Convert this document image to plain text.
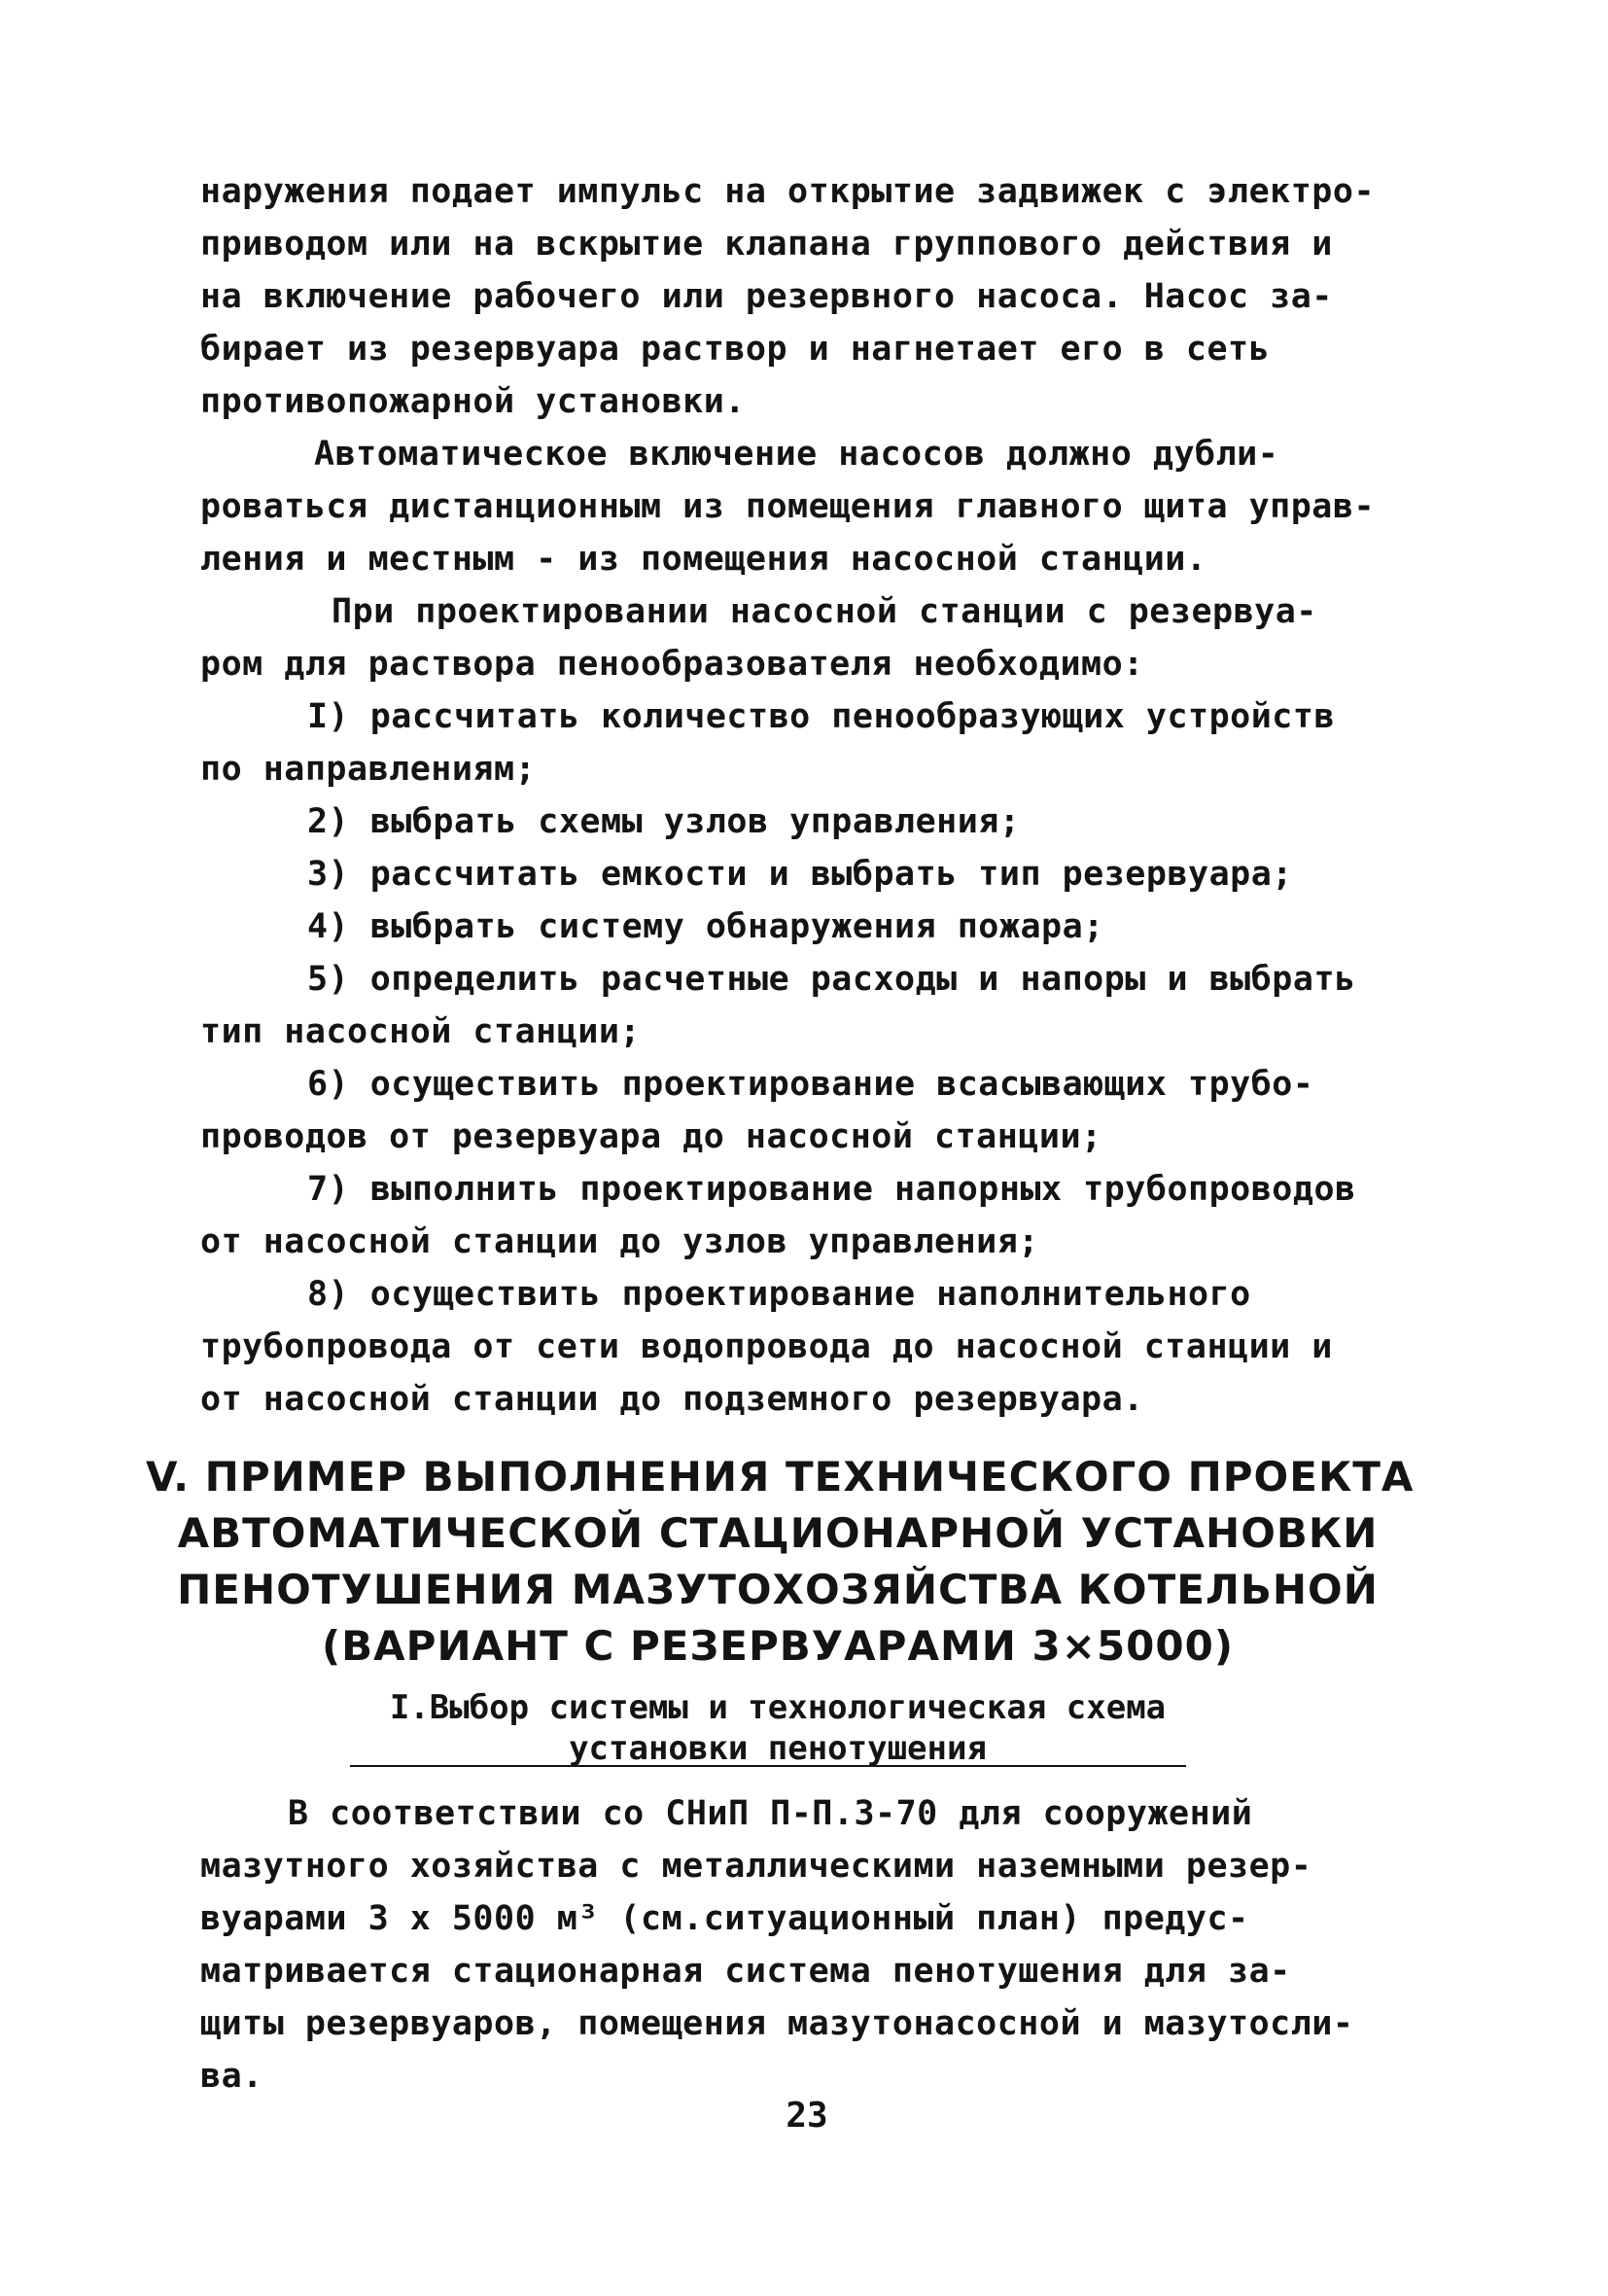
наружения подает импульс на открытие задвижек с электро-
приводом или на вскрытие клапана группового действия и
на включение рабочего или резервного насоса. Насос за-
бирает из резервуара раствор и нагнетает его в сеть
противопожарной установки.
Автоматическое включение насосов должно дубли-
роваться дистанционным из помещения главного щита управ-
ления и местным - из помещения насосной станции.
При проектировании насосной станции с резервуа-
ром для раствора пенообразователя необходимо:
I) рассчитать количество пенообразующих устройств
по направлениям;
2) выбрать схемы узлов управления;
3) рассчитать емкости и выбрать тип резервуара;
4) выбрать систему обнаружения пожара;
5) определить расчетные расходы и напоры и выбрать
тип насосной станции;
6) осуществить проектирование всасывающих трубо-
проводов от резервуара до насосной станции;
7) выполнить проектирование напорных трубопроводов
от насосной станции до узлов управления;
8) осуществить проектирование наполнительного
трубопровода от сети водопровода до насосной станции и
от насосной станции до подземного резервуара.
V. ПРИМЕР ВЫПОЛНЕНИЯ ТЕХНИЧЕСКОГО ПРОЕКТА
АВТОМАТИЧЕСКОЙ СТАЦИОНАРНОЙ УСТАНОВКИ
ПЕНОТУШЕНИЯ МАЗУТОХОЗЯЙСТВА КОТЕЛЬНОЙ
(ВАРИАНТ С РЕЗЕРВУАРАМИ 3×5000)
I.Выбор системы и технологическая схема
установки пенотушения
В соответствии со СНиП П-П.3-70 для сооружений
мазутного хозяйства с металлическими наземными резер-
вуарами 3 х 5000 м³ (см.ситуационный план) предус-
матривается стационарная система пенотушения для за-
щиты резервуаров, помещения мазутонасосной и мазутосли-
ва.
23
